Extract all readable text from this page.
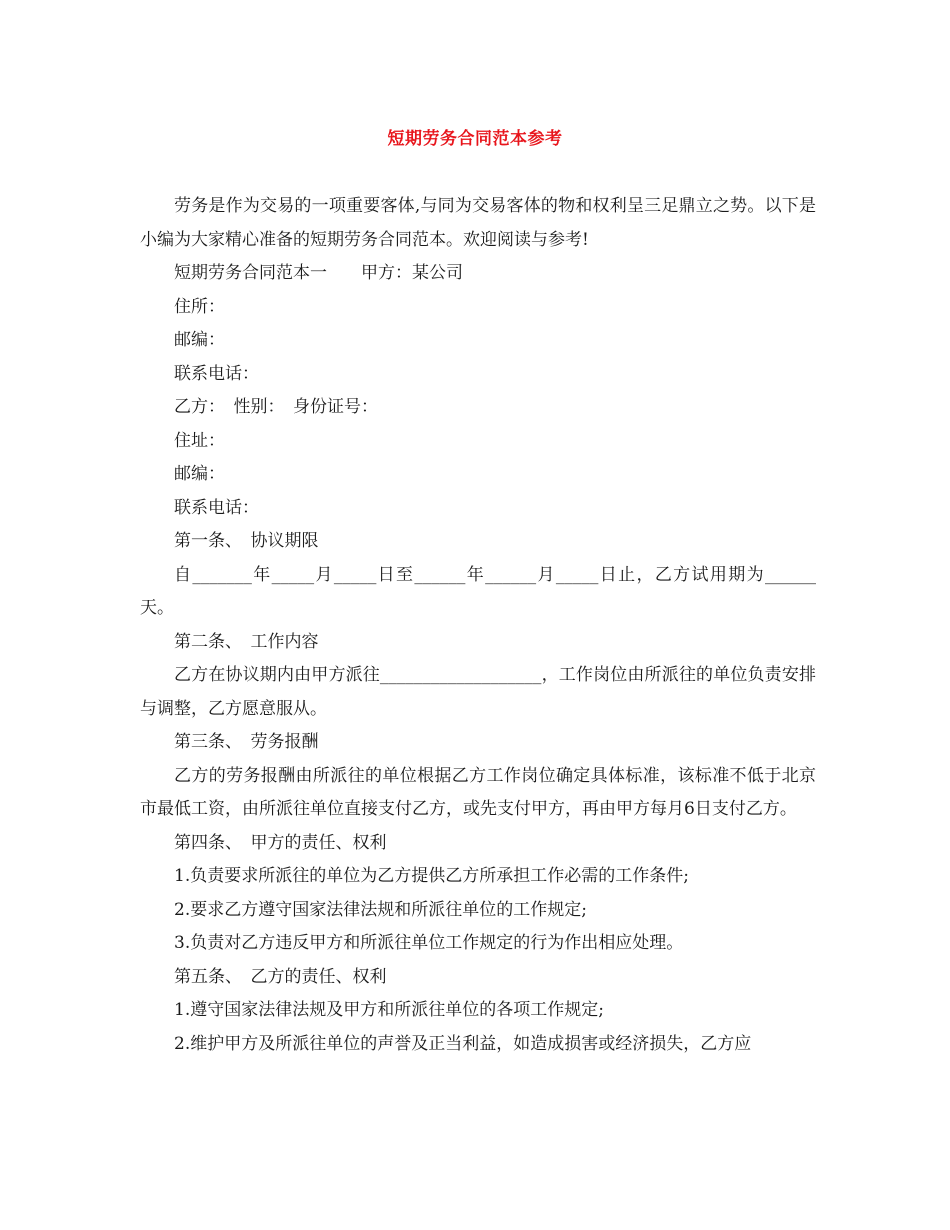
短期劳务合同范本参考

劳务是作为交易的一项重要客体,与同为交易客体的物和权利呈三足鼎立之势。以下是小编为大家精心准备的短期劳务合同范本。欢迎阅读与参考!

短期劳务合同范本一　　甲方：某公司

住所：

邮编：

联系电话：

乙方：　性别：　身份证号：

住址：

邮编：

联系电话：

第一条、　协议期限

自_______年_____月_____日至______年______月_____日止，乙方试用期为______天。

第二条、　工作内容

乙方在协议期内由甲方派往___________________，工作岗位由所派往的单位负责安排与调整，乙方愿意服从。

第三条、　劳务报酬

乙方的劳务报酬由所派往的单位根据乙方工作岗位确定具体标准，该标准不低于北京市最低工资，由所派往单位直接支付乙方，或先支付甲方，再由甲方每月6日支付乙方。

第四条、　甲方的责任、权利

1.负责要求所派往的单位为乙方提供乙方所承担工作必需的工作条件;

2.要求乙方遵守国家法律法规和所派往单位的工作规定;

3.负责对乙方违反甲方和所派往单位工作规定的行为作出相应处理。

第五条、　乙方的责任、权利

1.遵守国家法律法规及甲方和所派往单位的各项工作规定;

2.维护甲方及所派往单位的声誉及正当利益，如造成损害或经济损失，乙方应
